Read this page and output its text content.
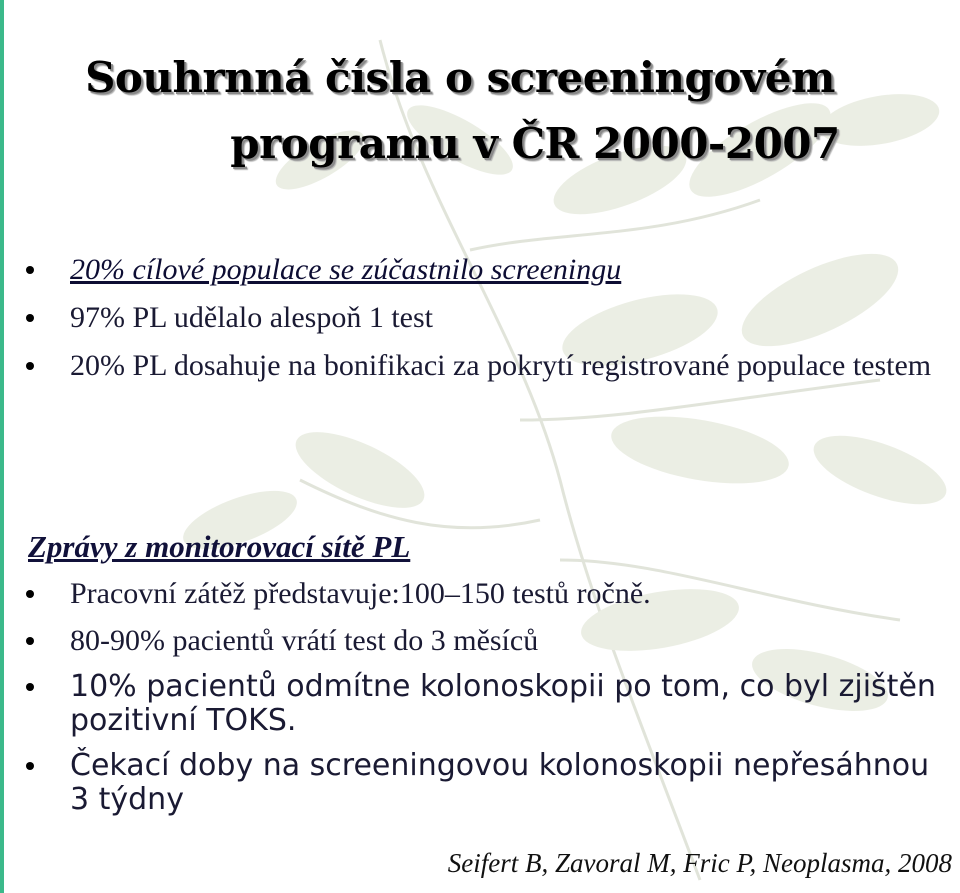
Souhrnná čísla o screeningovém
programu v ČR 2000-2007
20% cílové populace se zúčastnilo screeningu
97% PL udělalo alespoň 1 test
20% PL dosahuje na bonifikaci za pokrytí registrované populace testem
Zprávy z monitorovací sítě PL
Pracovní zátěž představuje:100–150 testů ročně.
80-90% pacientů vrátí test do 3 měsíců
10% pacientů odmítne kolonoskopii po tom, co byl zjištěn pozitivní TOKS.
Čekací doby na screeningovou kolonoskopii nepřesáhnou 3 týdny
Seifert B, Zavoral M, Fric P, Neoplasma, 2008
